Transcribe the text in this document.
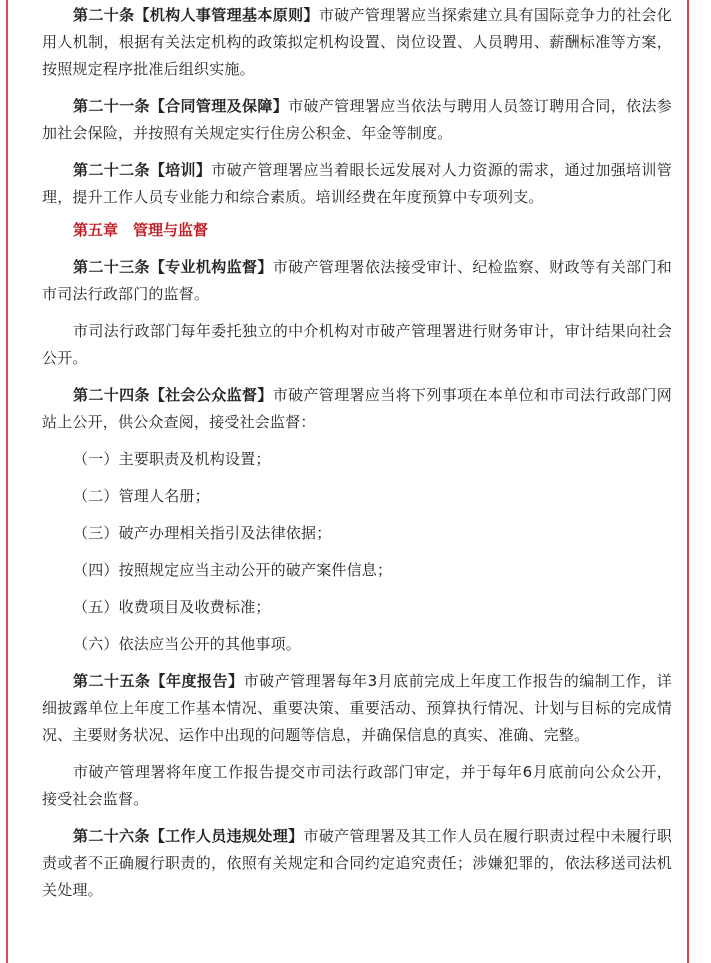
第二十条【机构人事管理基本原则】市破产管理署应当探索建立具有国际竞争力的社会化用人机制，根据有关法定机构的政策拟定机构设置、岗位设置、人员聘用、薪酬标准等方案，按照规定程序批准后组织实施。

第二十一条【合同管理及保障】市破产管理署应当依法与聘用人员签订聘用合同，依法参加社会保险，并按照有关规定实行住房公积金、年金等制度。

第二十二条【培训】市破产管理署应当着眼长远发展对人力资源的需求，通过加强培训管理，提升工作人员专业能力和综合素质。培训经费在年度预算中专项列支。

第五章　管理与监督

第二十三条【专业机构监督】市破产管理署依法接受审计、纪检监察、财政等有关部门和市司法行政部门的监督。

市司法行政部门每年委托独立的中介机构对市破产管理署进行财务审计，审计结果向社会公开。

第二十四条【社会公众监督】市破产管理署应当将下列事项在本单位和市司法行政部门网站上公开，供公众查阅，接受社会监督：

（一）主要职责及机构设置；

（二）管理人名册；

（三）破产办理相关指引及法律依据；

（四）按照规定应当主动公开的破产案件信息；

（五）收费项目及收费标准；

（六）依法应当公开的其他事项。

第二十五条【年度报告】市破产管理署每年3月底前完成上年度工作报告的编制工作，详细披露单位上年度工作基本情况、重要决策、重要活动、预算执行情况、计划与目标的完成情况、主要财务状况、运作中出现的问题等信息，并确保信息的真实、准确、完整。

市破产管理署将年度工作报告提交市司法行政部门审定，并于每年6月底前向公众公开，接受社会监督。

第二十六条【工作人员违规处理】市破产管理署及其工作人员在履行职责过程中未履行职责或者不正确履行职责的，依照有关规定和合同约定追究责任；涉嫌犯罪的，依法移送司法机关处理。
